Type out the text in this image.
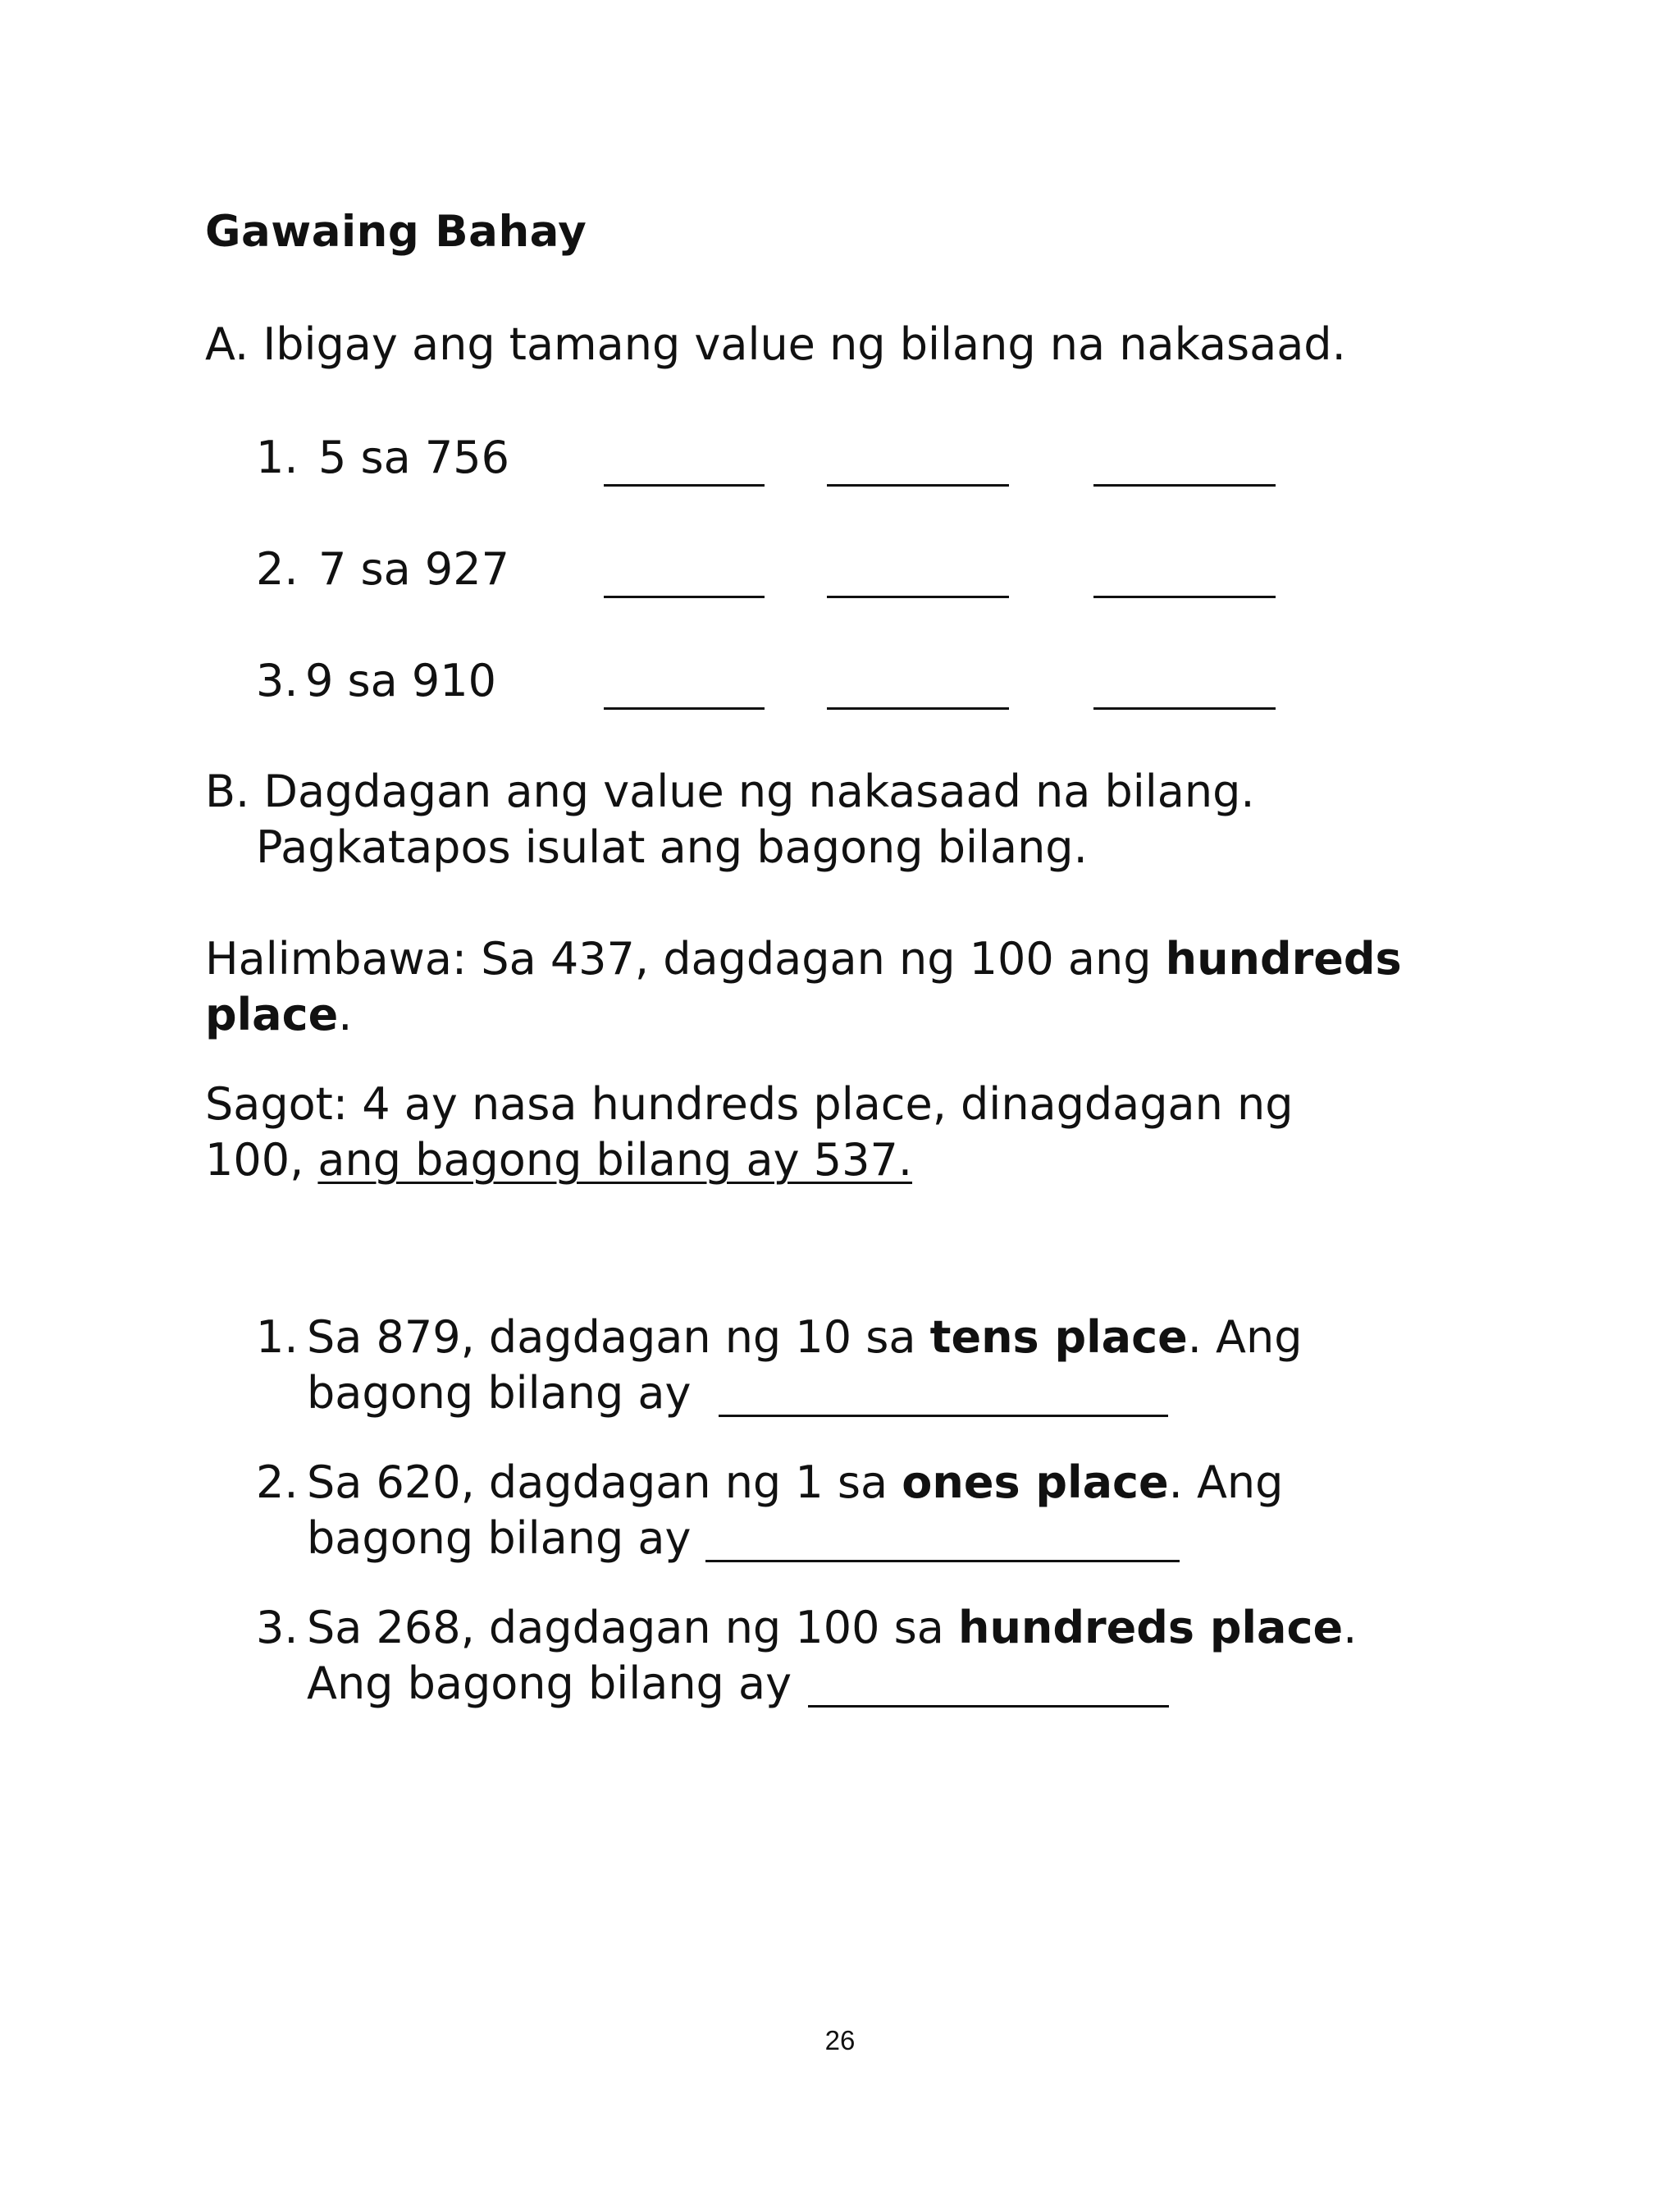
Gawaing Bahay

A. Ibigay ang tamang value ng bilang na nakasaad.

1. 5 sa 756
2. 7 sa 927
3. 9 sa 910

B. Dagdagan ang value ng nakasaad na bilang.

Pagkatapos isulat ang bagong bilang.

Halimbawa: Sa 437, dagdagan ng 100 ang hundreds

place.

Sagot: 4 ay nasa hundreds place, dinagdagan ng

100, ang bagong bilang ay 537.

1. Sa 879, dagdagan ng 10 sa tens place. Ang

bagong bilang ay
2. Sa 620, dagdagan ng 1 sa ones place. Ang

bagong bilang ay
3. Sa 268, dagdagan ng 100 sa hundreds place.

Ang bagong bilang ay
26
